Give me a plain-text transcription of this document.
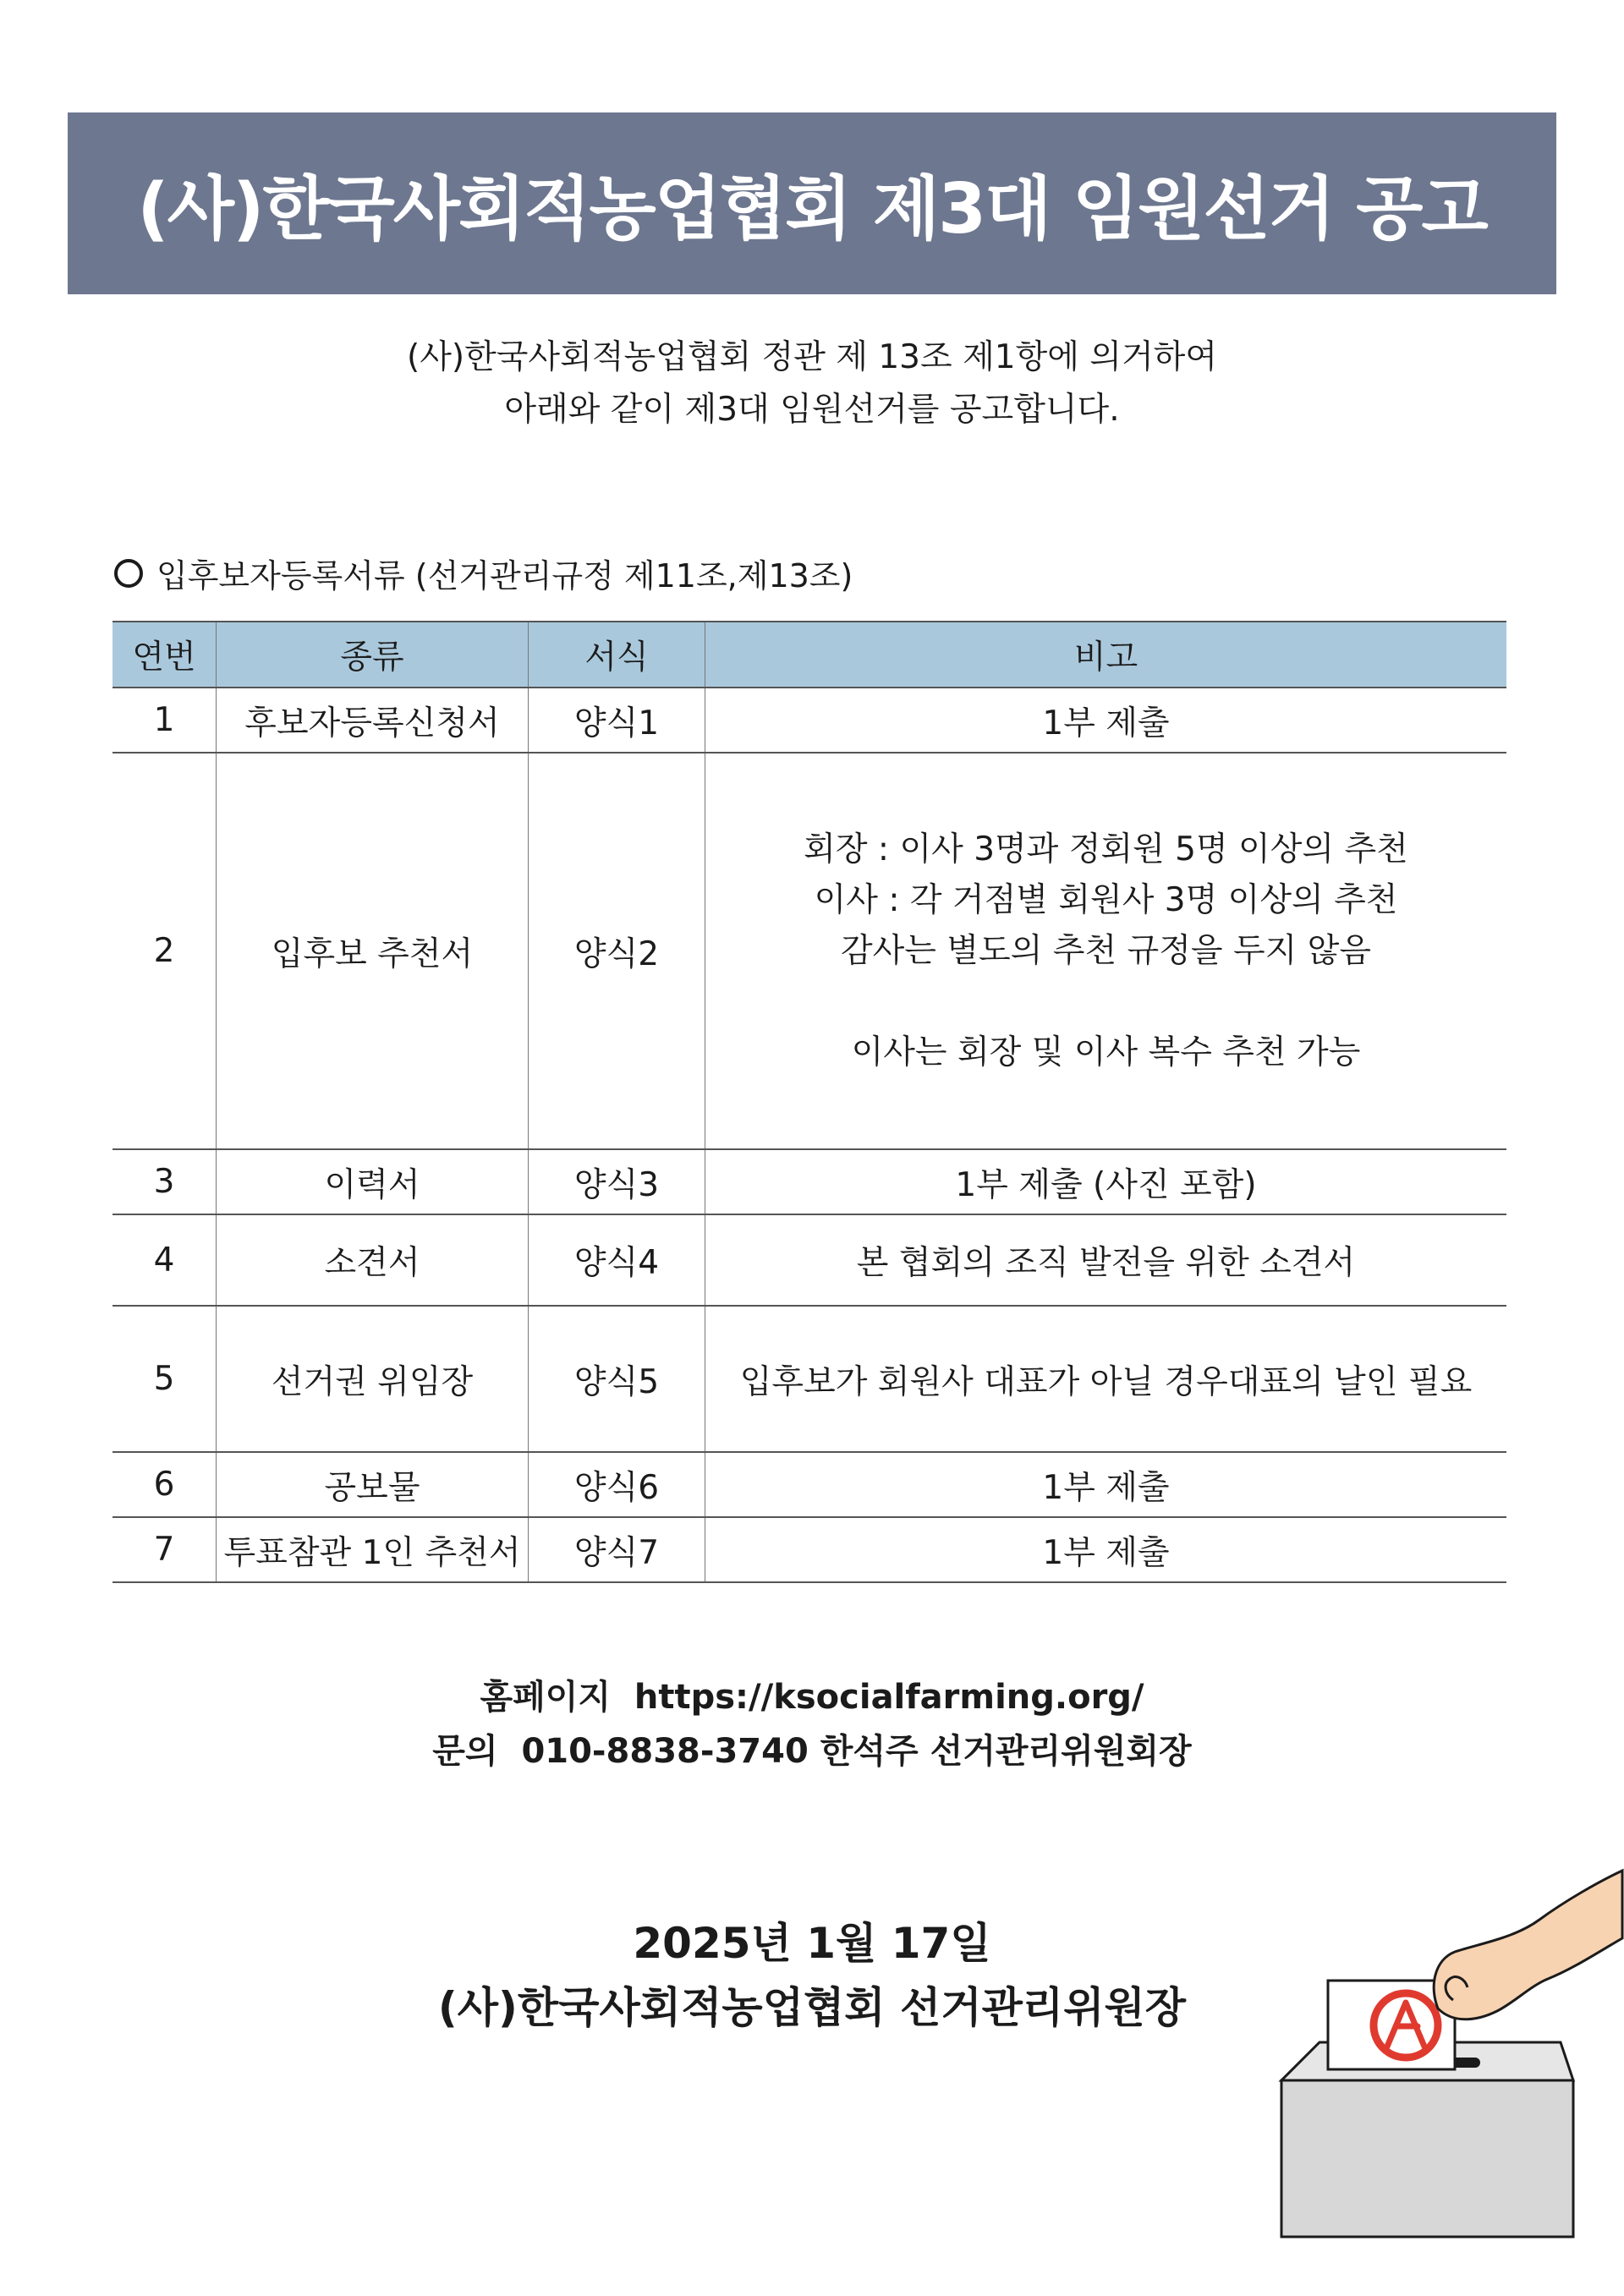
(사)한국사회적농업협회 제3대 임원선거 공고
(사)한국사회적농업협회 정관 제 13조 제1항에 의거하여
아래와 같이 제3대 임원선거를 공고합니다.
입후보자등록서류 (선거관리규정 제11조,제13조)
연번	종류	서식	비고
1	후보자등록신청서	양식1	1부 제출
2	입후보 추천서	양식2	회장 : 이사 3명과 정회원 5명 이상의 추천
이사 : 각 거점별 회원사 3명 이상의 추천
감사는 별도의 추천 규정을 두지 않음
이사는 회장 및 이사 복수 추천 가능

3	이력서	양식3	1부 제출 (사진 포함)
4	소견서	양식4	본 협회의 조직 발전을 위한 소견서
5	선거권 위임장	양식5	입후보가 회원사 대표가 아닐 경우대표의 날인 필요
6	공보물	양식6	1부 제출
7	투표참관 1인 추천서	양식7	1부 제출
홈페이지 https://ksocialfarming.org/
문의 010-8838-3740 한석주 선거관리위원회장
2025년 1월 17일
(사)한국사회적농업협회 선거관리위원장
